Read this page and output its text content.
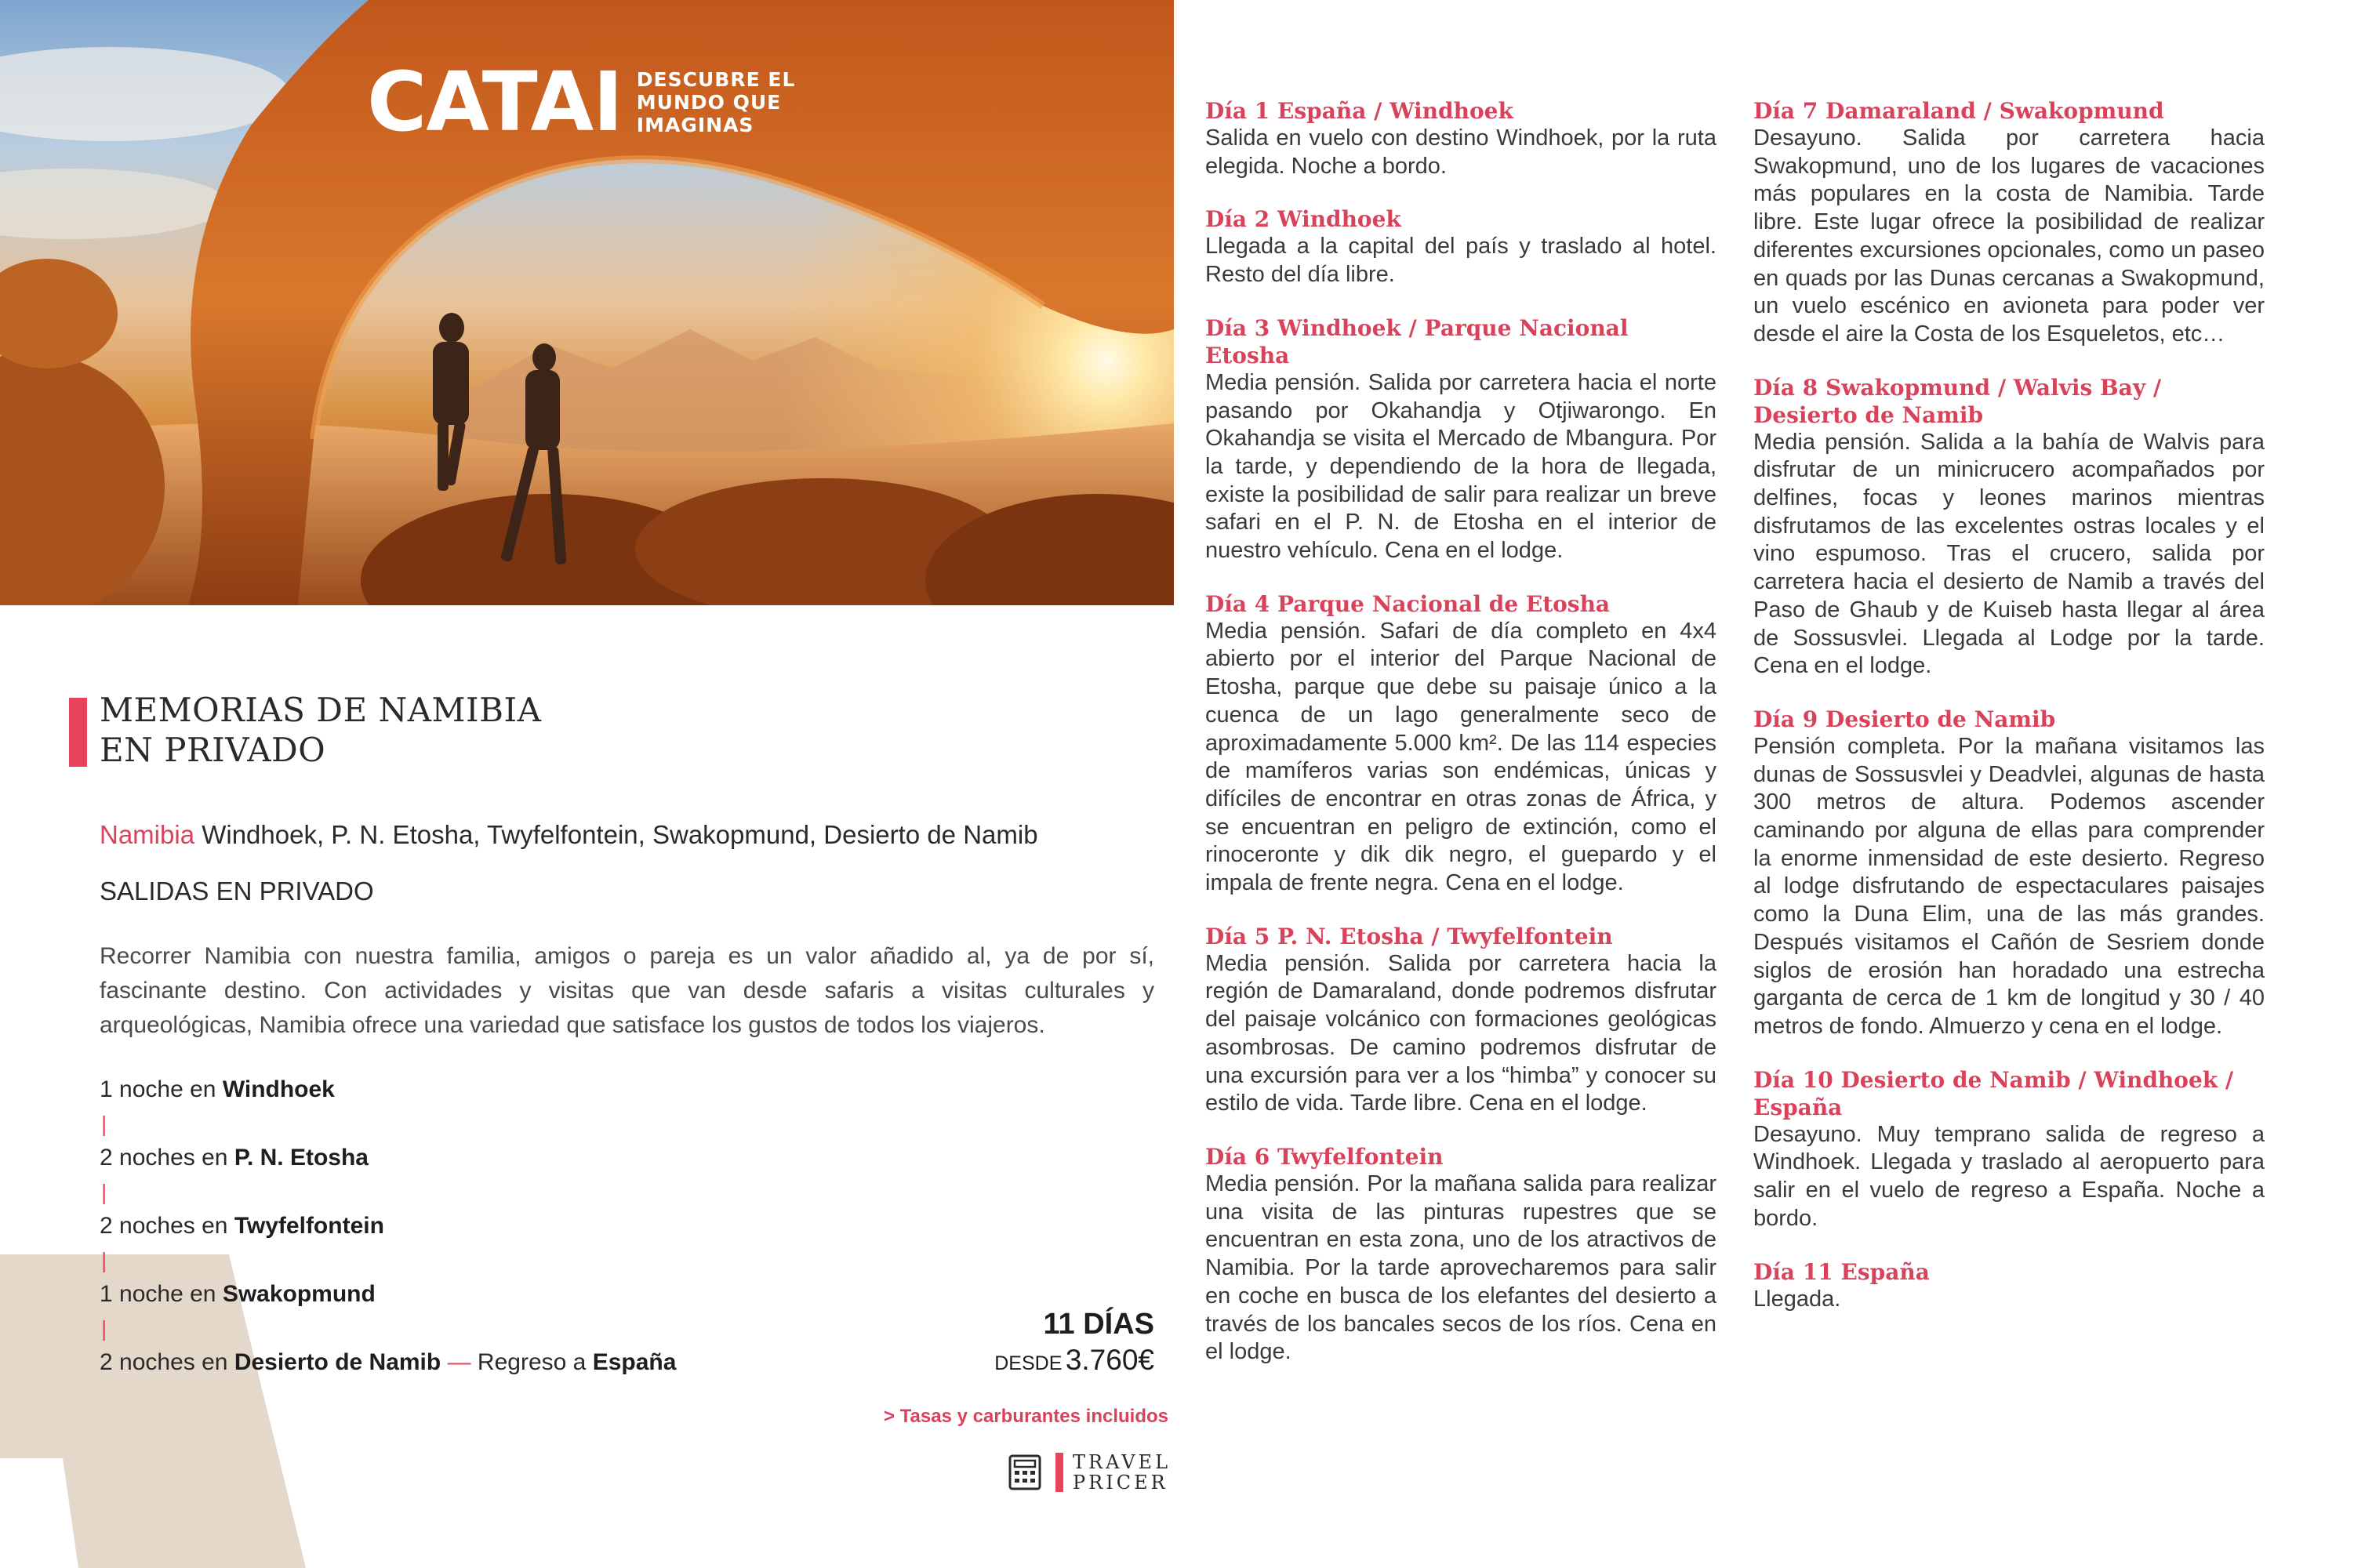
CATAI DESCUBRE EL
MUNDO QUE
IMAGINAS
MEMORIAS DE NAMIBIA
EN PRIVADO
Namibia Windhoek, P. N. Etosha, Twyfelfontein, Swakopmund, Desierto de Namib
SALIDAS EN PRIVADO
Recorrer Namibia con nuestra familia, amigos o pareja es un valor añadido al, ya de por sí, fascinante destino. Con actividades y visitas que van desde safaris a visitas culturales y arqueológicas, Namibia ofrece una variedad que satisface los gustos de todos los viajeros.
1 noche en Windhoek
|
2 noches en P. N. Etosha
|
2 noches en Twyfelfontein
|
1 noche en Swakopmund
|
2 noches en Desierto de Namib — Regreso a España
11 DÍAS
DESDE 3.760€
> Tasas y carburantes incluidos
TRAVEL
PRICER
Día 1 España / Windhoek
Salida en vuelo con destino Windhoek, por la ruta elegida. Noche a bordo.
Día 2 Windhoek
Llegada a la capital del país y traslado al hotel. Resto del día libre.
Día 3 Windhoek / Parque Nacional Etosha
Media pensión. Salida por carretera hacia el norte pasando por Okahandja y Otjiwarongo. En Okahandja se visita el Mercado de Mbangura. Por la tarde, y dependiendo de la hora de llegada, existe la posibilidad de salir para realizar un breve safari en el P. N. de Etosha en el interior de nuestro vehículo. Cena en el lodge.
Día 4 Parque Nacional de Etosha
Media pensión. Safari de día completo en 4x4 abierto por el interior del Parque Nacional de Etosha, parque que debe su paisaje único a la cuenca de un lago generalmente seco de aproximadamente 5.000 km². De las 114 especies de mamíferos varias son endémicas, únicas y difíciles de encontrar en otras zonas de África, y se encuentran en peligro de extinción, como el rinoceronte y dik dik negro, el guepardo y el impala de frente negra. Cena en el lodge.
Día 5 P. N. Etosha / Twyfelfontein
Media pensión. Salida por carretera hacia la región de Damaraland, donde podremos disfrutar del paisaje volcánico con formaciones geológicas asombrosas. De camino podremos disfrutar de una excursión para ver a los “himba” y conocer su estilo de vida. Tarde libre. Cena en el lodge.
Día 6 Twyfelfontein
Media pensión. Por la mañana salida para realizar una visita de las pinturas rupestres que se encuentran en esta zona, uno de los atractivos de Namibia. Por la tarde aprovecharemos para salir en coche en busca de los elefantes del desierto a través de los bancales secos de los ríos. Cena en el lodge.
Día 7 Damaraland / Swakopmund
Desayuno. Salida por carretera hacia Swakopmund, uno de los lugares de vacaciones más populares en la costa de Namibia. Tarde libre. Este lugar ofrece la posibilidad de realizar diferentes excursiones opcionales, como un paseo en quads por las Dunas cercanas a Swakopmund, un vuelo escénico en avioneta para poder ver desde el aire la Costa de los Esqueletos, etc…
Día 8 Swakopmund / Walvis Bay / Desierto de Namib
Media pensión. Salida a la bahía de Walvis para disfrutar de un minicrucero acompañados por delfines, focas y leones marinos mientras disfrutamos de las excelentes ostras locales y el vino espumoso. Tras el crucero, salida por carretera hacia el desierto de Namib a través del Paso de Ghaub y de Kuiseb hasta llegar al área de Sossusvlei. Llegada al Lodge por la tarde. Cena en el lodge.
Día 9 Desierto de Namib
Pensión completa. Por la mañana visitamos las dunas de Sossusvlei y Deadvlei, algunas de hasta 300 metros de altura. Podemos ascender caminando por alguna de ellas para comprender la enorme inmensidad de este desierto. Regreso al lodge disfrutando de espectaculares paisajes como la Duna Elim, una de las más grandes. Después visitamos el Cañón de Sesriem donde siglos de erosión han horadado una estrecha garganta de cerca de 1 km de longitud y 30 / 40 metros de fondo. Almuerzo y cena en el lodge.
Día 10 Desierto de Namib / Windhoek / España
Desayuno. Muy temprano salida de regreso a Windhoek. Llegada y traslado al aeropuerto para salir en el vuelo de regreso a España. Noche a bordo.
Día 11 España
Llegada.
